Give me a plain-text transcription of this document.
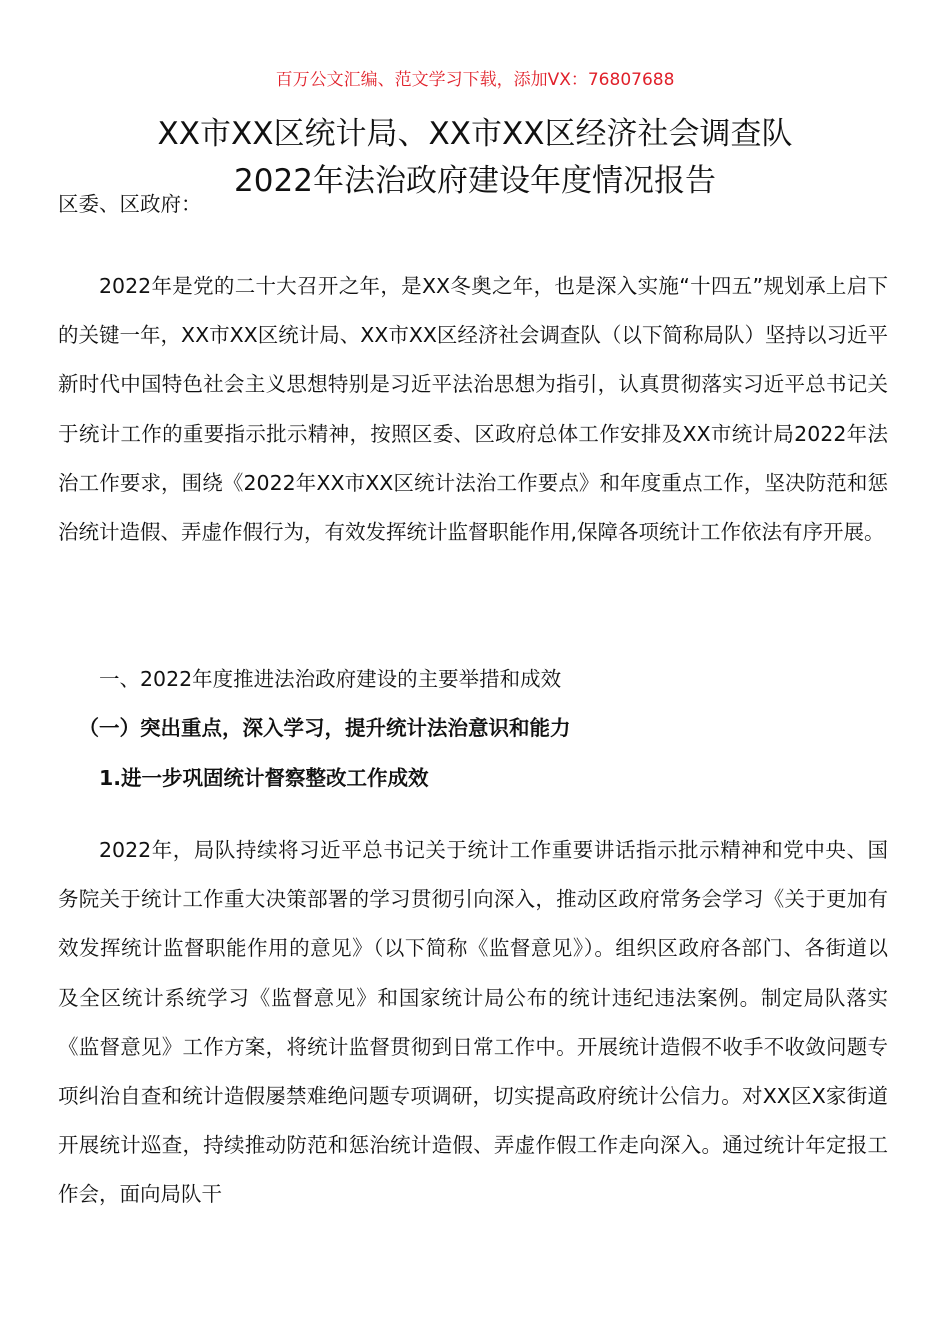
百万公文汇编、范文学习下载，添加VX：76807688
XX市XX区统计局、XX市XX区经济社会调查队
2022年法治政府建设年度情况报告
区委、区政府：

2022年是党的二十大召开之年，是XX冬奥之年，也是深入实施“十四五”规划承上启下的关键一年，XX市XX区统计局、XX市XX区经济社会调查队（以下简称局队）坚持以习近平新时代中国特色社会主义思想特别是习近平法治思想为指引，认真贯彻落实习近平总书记关于统计工作的重要指示批示精神，按照区委、区政府总体工作安排及XX市统计局2022年法治工作要求，围绕《2022年XX市XX区统计法治工作要点》和年度重点工作，坚决防范和惩治统计造假、弄虚作假行为，有效发挥统计监督职能作用,保障各项统计工作依法有序开展。

一、2022年度推进法治政府建设的主要举措和成效
（一）突出重点，深入学习，提升统计法治意识和能力
1.进一步巩固统计督察整改工作成效

2022年，局队持续将习近平总书记关于统计工作重要讲话指示批示精神和党中央、国务院关于统计工作重大决策部署的学习贯彻引向深入，推动区政府常务会学习《关于更加有效发挥统计监督职能作用的意见》（以下简称《监督意见》）。组织区政府各部门、各街道以及全区统计系统学习《监督意见》和国家统计局公布的统计违纪违法案例。制定局队落实《监督意见》工作方案，将统计监督贯彻到日常工作中。开展统计造假不收手不收敛问题专项纠治自查和统计造假屡禁难绝问题专项调研，切实提高政府统计公信力。对XX区X家街道开展统计巡查，持续推动防范和惩治统计造假、弄虚作假工作走向深入。通过统计年定报工作会，面向局队干
